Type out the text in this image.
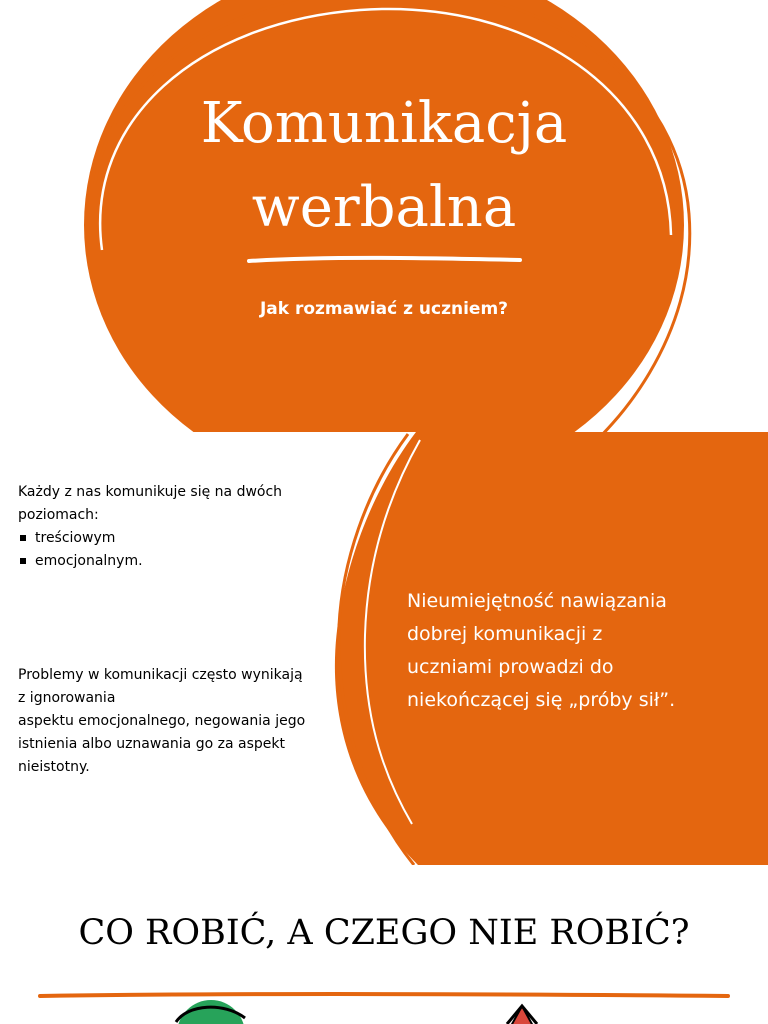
Komunikacja
werbalna
Jak rozmawiać z uczniem?

Każdy z nas komunikuje się na dwóch poziomach:

treściowym
emocjonalnym.
Problemy w komunikacji często wynikają
z ignorowania
aspektu emocjonalnego, negowania jego
istnienia albo uznawania go za aspekt
nieistotny.
Nieumiejętność nawiązania
dobrej komunikacji z
uczniami prowadzi do
niekończącej się „próby sił”.
CO ROBIĆ, A CZEGO NIE ROBIĆ?
